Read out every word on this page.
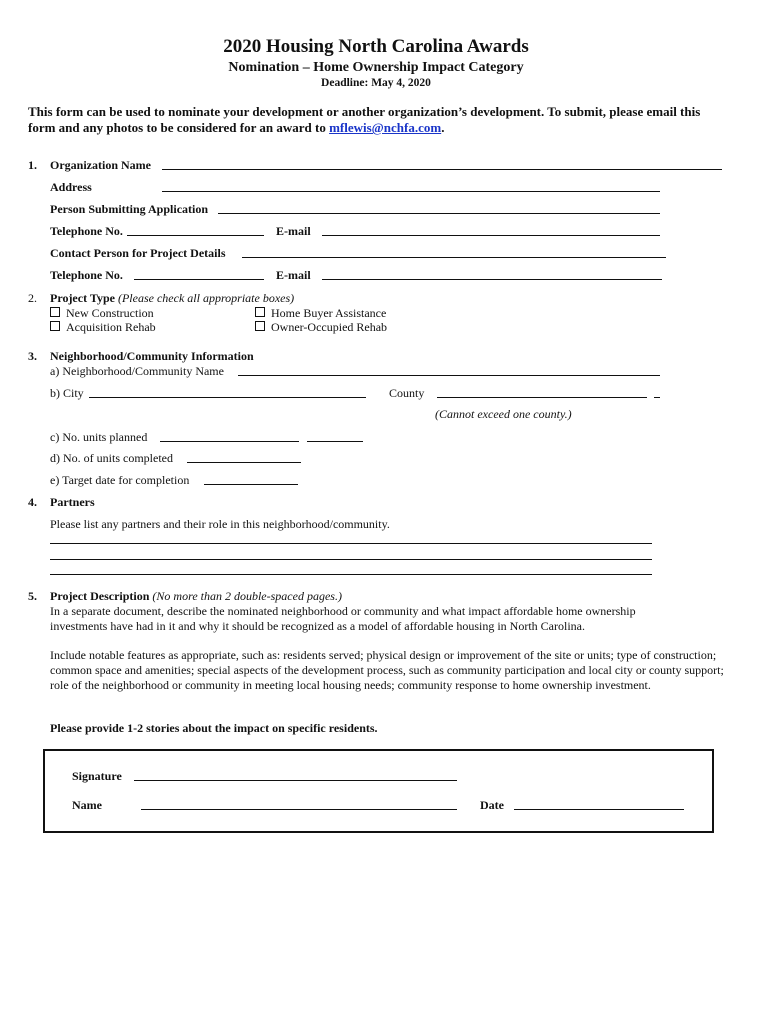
2020 Housing North Carolina Awards
Nomination – Home Ownership Impact Category
Deadline: May 4, 2020
This form can be used to nominate your development or another organization’s development. To submit, please email this form and any photos to be considered for an award to mflewis@nchfa.com.
1. Organization Name
Address
Person Submitting Application
Telephone No.	E-mail
Contact Person for Project Details
Telephone No.	E-mail
2. Project Type (Please check all appropriate boxes)
New Construction	Home Buyer Assistance
Acquisition Rehab	Owner-Occupied Rehab
3. Neighborhood/Community Information
a) Neighborhood/Community Name
b) City	County
(Cannot exceed one county.)
c) No. units planned
d) No. of units completed
e) Target date for completion
4. Partners
Please list any partners and their role in this neighborhood/community.
5. Project Description (No more than 2 double-spaced pages.)
In a separate document, describe the nominated neighborhood or community and what impact affordable home ownership investments have had in it and why it should be recognized as a model of affordable housing in North Carolina.
Include notable features as appropriate, such as: residents served; physical design or improvement of the site or units; type of construction; common space and amenities; special aspects of the development process, such as community participation and local city or county support; role of the neighborhood or community in meeting local housing needs; community response to home ownership investment.
Please provide 1-2 stories about the impact on specific residents.
Signature
Name	Date
